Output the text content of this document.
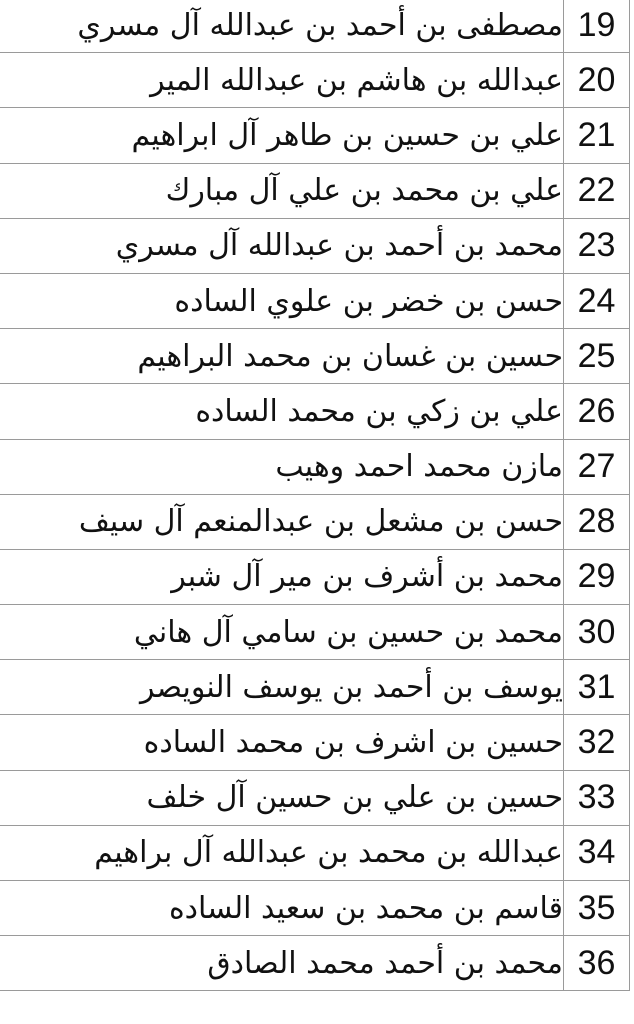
19	مصطفى بن أحمد بن عبدالله آل مسري
20	عبدالله بن هاشم بن عبدالله المير
21	علي بن حسين بن طاهر آل ابراهيم
22	علي بن محمد بن علي آل مبارك
23	محمد بن أحمد بن عبدالله آل مسري
24	حسن بن خضر بن علوي الساده
25	حسين بن غسان بن محمد البراهيم
26	علي بن زكي بن محمد الساده
27	مازن محمد احمد وهيب
28	حسن بن مشعل بن عبدالمنعم آل سيف
29	محمد بن أشرف بن مير آل شبر
30	محمد بن حسين بن سامي آل هاني
31	يوسف بن أحمد بن يوسف النويصر
32	حسين بن اشرف بن محمد الساده
33	حسين بن علي بن حسين آل خلف
34	عبدالله بن محمد بن عبدالله آل براهيم
35	قاسم بن محمد بن سعيد الساده
36	محمد بن أحمد محمد الصادق
